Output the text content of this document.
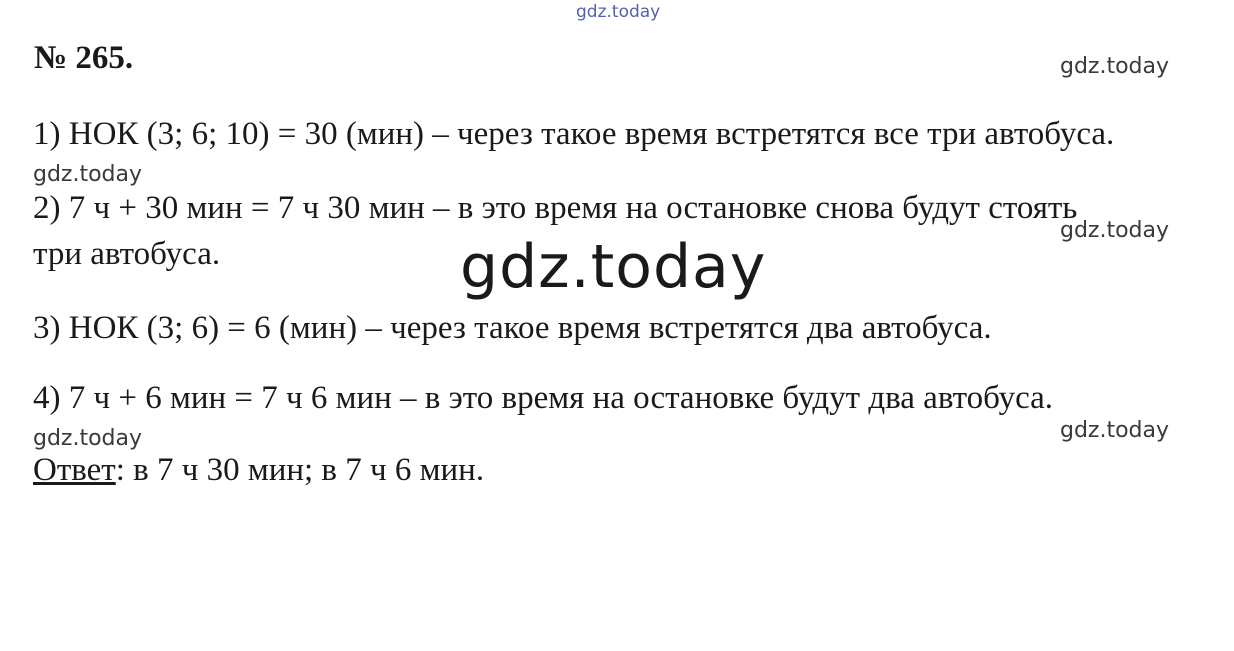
gdz.today
gdz.today
gdz.today
gdz.today
gdz.today
gdz.today	gdz.today
№ 265.
1) НОК (3; 6; 10) = 30 (мин) – через такое время встретятся все три автобуса.
2) 7 ч + 30 мин = 7 ч 30 мин – в это время на остановке снова будут стоять
три автобуса.
3) НОК (3; 6) = 6 (мин) – через такое время встретятся два автобуса.
4) 7 ч + 6 мин = 7 ч 6 мин – в это время на остановке будут два автобуса.
Ответ: в 7 ч 30 мин; в 7 ч 6 мин.
